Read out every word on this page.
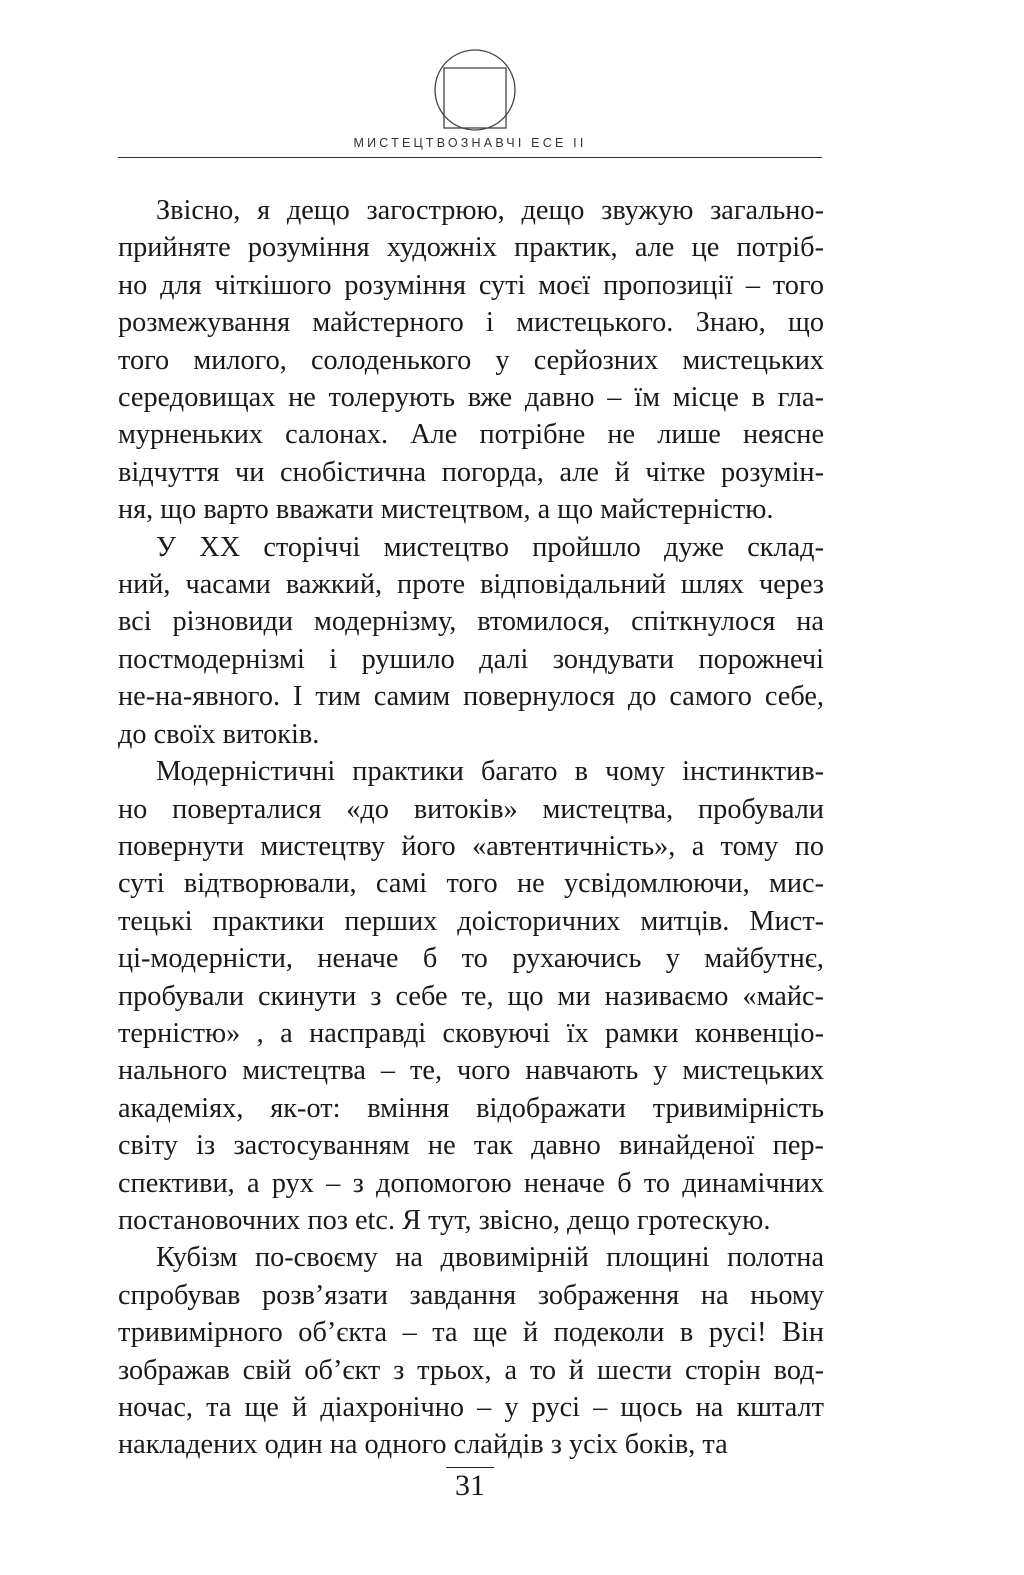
МИСТЕЦТВОЗНАВЧІ ЕСЕ ІІ

Звісно, я дещо загострюю, дещо звужую загально-
прийняте розуміння художніх практик, але це потріб-
но для чіткішого розуміння суті моєї пропозиції – того
розмежування майстерного і мистецького. Знаю, що
того милого, солоденького у серйозних мистецьких
середовищах не толерують вже давно – їм місце в гла-
мурненьких салонах. Але потрібне не лише неясне
відчуття чи снобістична погорда, але й чітке розумін-
ня, що варто вважати мистецтвом, а що майстерністю.

У ХХ сторіччі мистецтво пройшло дуже склад-
ний, часами важкий, проте відповідальний шлях через
всі різновиди модернізму, втомилося, спіткнулося на
постмодернізмі і рушило далі зондувати порожнечі
не-на-явного. І тим самим повернулося до самого себе,
до своїх витоків.

Модерністичні практики багато в чому інстинктив-
но поверталися «до витоків» мистецтва, пробували
повернути мистецтву його «автентичність», а тому по
суті відтворювали, самі того не усвідомлюючи, мис-
тецькі практики перших доісторичних митців. Мист-
ці-модерністи, неначе б то рухаючись у майбутнє,
пробували скинути з себе те, що ми називаємо «майс-
терністю» , а насправді сковуючі їх рамки конвенціо-
нального мистецтва – те, чого навчають у мистецьких
академіях, як-от: вміння відображати тривимірність
світу із застосуванням не так давно винайденої пер-
спективи, а рух – з допомогою неначе б то динамічних
постановочних поз etc. Я тут, звісно, дещо гротескую.

Кубізм по-своєму на двовимірній площині полотна
спробував розв’язати завдання зображення на ньому
тривимірного об’єкта – та ще й подеколи в русі! Він
зображав свій об’єкт з трьох, а то й шести сторін вод-
ночас, та ще й діахронічно – у русі – щось на кшталт
накладених один на одного слайдів з усіх боків, та

31
